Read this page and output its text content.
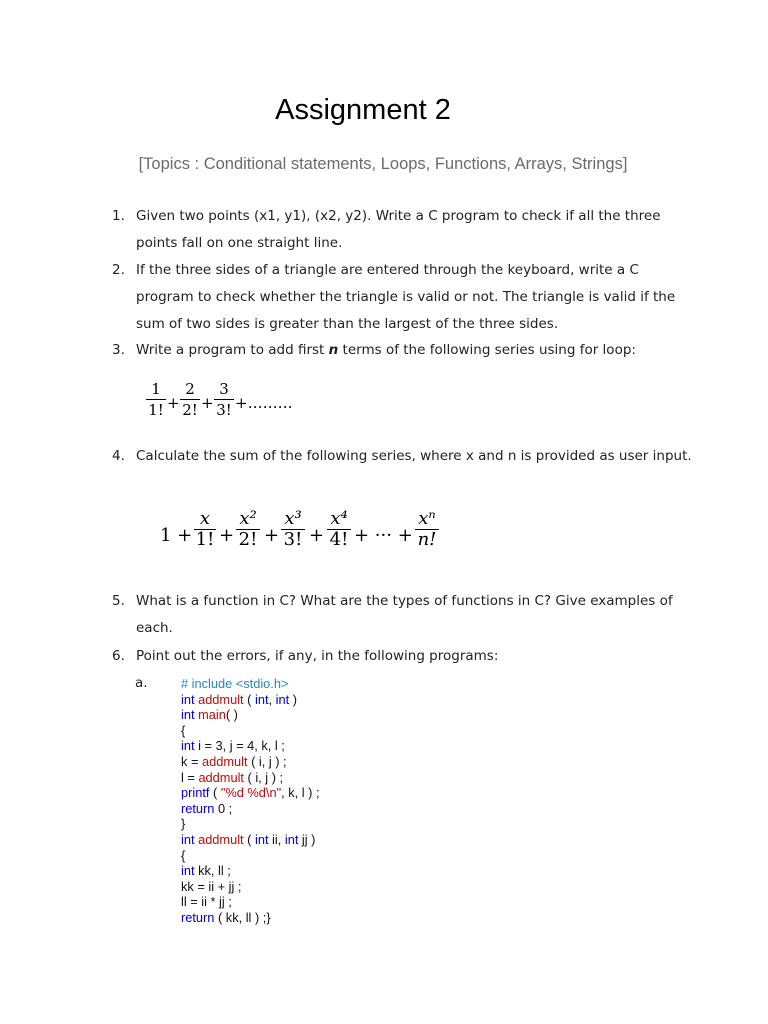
Assignment 2
[Topics : Conditional statements, Loops, Functions, Arrays, Strings]
1. Given two points (x1, y1), (x2, y2). Write a C program to check if all the three points fall on one straight line.
2. If the three sides of a triangle are entered through the keyboard, write a C program to check whether the triangle is valid or not. The triangle is valid if the sum of two sides is greater than the largest of the three sides.
3. Write a program to add first n terms of the following series using for loop:
1
1! +
2
2! +
3
3! +………
4. Calculate the sum of the following series, where x and n is provided as user input.
1 +
x
1! +
x²
2! +
x³
3! +
x⁴
4! + ··· +
xⁿ
n!
5. What is a function in C? What are the types of functions in C? Give examples of each.
6. Point out the errors, if any, in the following programs:
a.	# include <stdio.h>
int addmult ( int, int )
int main( )
{
int i = 3, j = 4, k, l ;
k = addmult ( i, j ) ;
l = addmult ( i, j ) ;
printf ( "%d %d\n", k, l ) ;
return 0 ;
}
int addmult ( int ii, int jj )
{
int kk, ll ;
kk = ii + jj ;
ll = ii * jj ;
return ( kk, ll ) ;}
